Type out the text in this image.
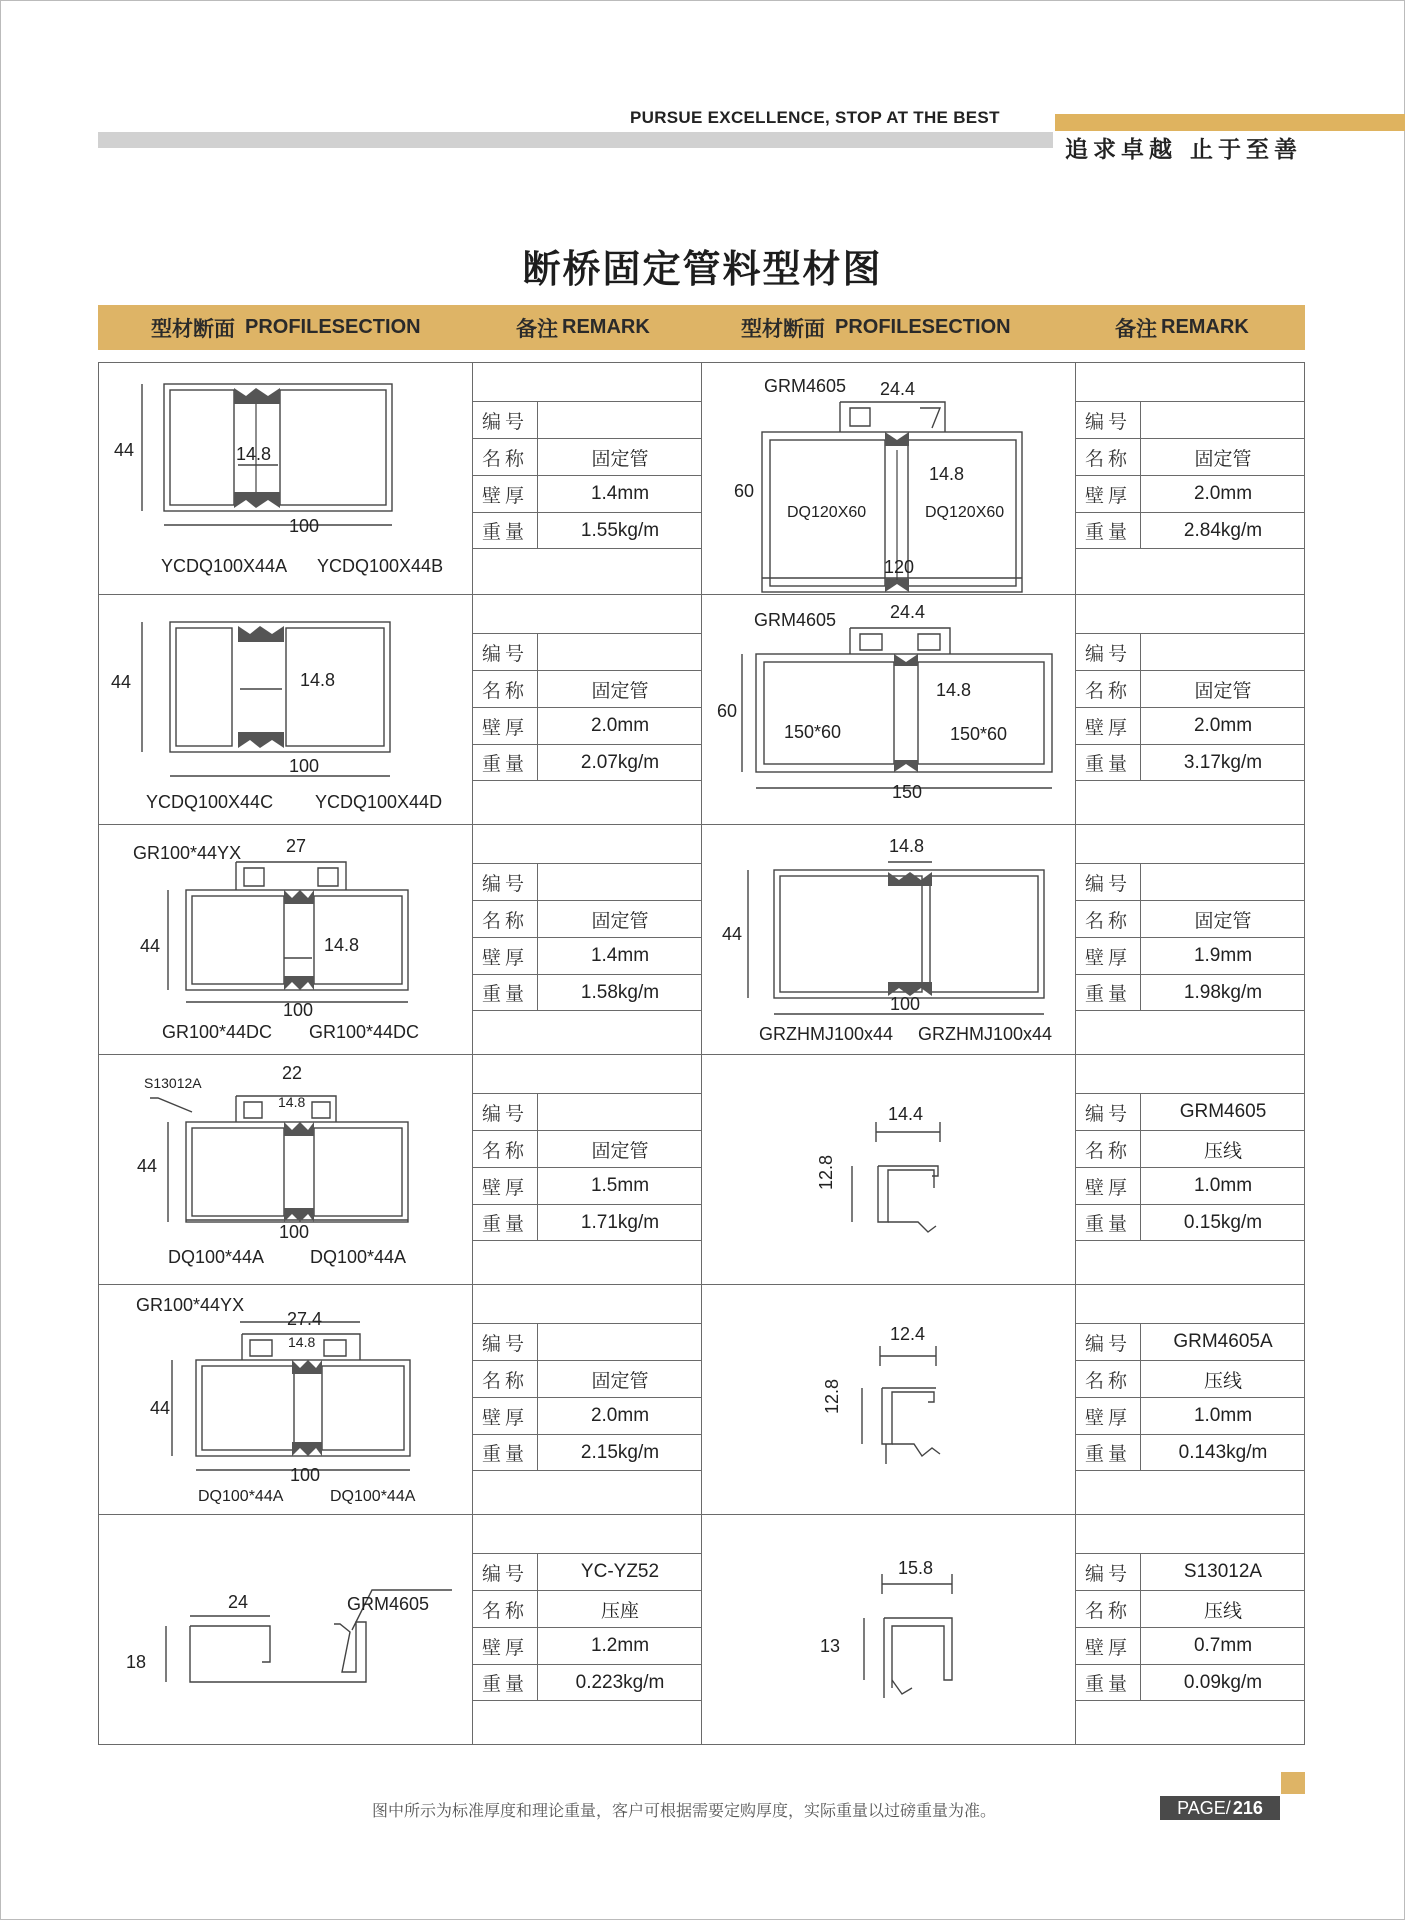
PURSUE EXCELLENCE, STOP AT THE BEST
追求卓越 止于至善
断桥固定管料型材图
型材断面 PROFILESECTION	备注 REMARK	型材断面 PROFILESECTION	备注 REMARK
编号
名称	固定管
壁厚	1.4mm
重量	1.55kg/m
编号
名称	固定管
壁厚	2.0mm
重量	2.84kg/m
编号
名称	固定管
壁厚	2.0mm
重量	2.07kg/m
编号
名称	固定管
壁厚	2.0mm
重量	3.17kg/m
编号
名称	固定管
壁厚	1.4mm
重量	1.58kg/m
编号
名称	固定管
壁厚	1.9mm
重量	1.98kg/m
编号
名称	固定管
壁厚	1.5mm
重量	1.71kg/m
编号	GRM4605
名称	压线
壁厚	1.0mm
重量	0.15kg/m
编号
名称	固定管
壁厚	2.0mm
重量	2.15kg/m
编号	GRM4605A
名称	压线
壁厚	1.0mm
重量	0.143kg/m
编号	YC-YZ52
名称	压座
壁厚	1.2mm
重量	0.223kg/m
编号	S13012A
名称	压线
壁厚	0.7mm
重量	0.09kg/m
44	14.8
100
YCDQ100X44A YCDQ100X44B
GRM4605 24.4
60
14.8
DQ120X60	DQ120X60
120
44	14.8
100
YCDQ100X44C YCDQ100X44D
GRM4605	24.4
60
14.8
150*60	150*60
150
GR100*44YX 27
44	14.8
100
GR100*44DC GR100*44DC
14.8
44
100
GRZHMJ100x44 GRZHMJ100x44
S13012A	22
14.8
44
100
DQ100*44A	DQ100*44A
14.4
12.8
GR100*44YX
27.4
14.8
44
100
DQ100*44A	DQ100*44A
12.4
12.8
24
18
GRM4605
15.8
13
图中所示为标准厚度和理论重量，客户可根据需要定购厚度，实际重量以过磅重量为准。	PAGE/ 216
